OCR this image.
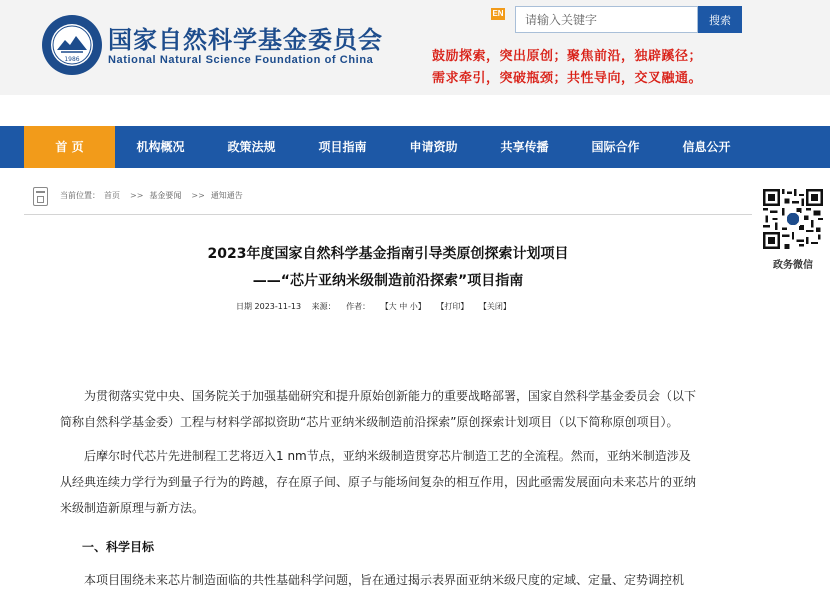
1986
国家自然科学基金委员会
National Natural Science Foundation of China
EN
请输入关键字	搜索
鼓励探索，突出原创；聚焦前沿，独辟蹊径；
需求牵引，突破瓶颈；共性导向，交叉融通。
首 页	机构概况	政策法规	项目指南	申请资助	共享传播	国际合作	信息公开
当前位置： 首页 >> 基金要闻 >> 通知通告
政务微信
2023年度国家自然科学基金指南引导类原创探索计划项目
——“芯片亚纳米级制造前沿探索”项目指南
日期 2023-11-13 来源： 作者： 【大 中 小】 【打印】 【关闭】
为贯彻落实党中央、国务院关于加强基础研究和提升原始创新能力的重要战略部署，国家自然科学基金委员会（以下
简称自然科学基金委）工程与材料学部拟资助“芯片亚纳米级制造前沿探索”原创探索计划项目（以下简称原创项目）。
后摩尔时代芯片先进制程工艺将迈入1 nm节点，亚纳米级制造贯穿芯片制造工艺的全流程。然而，亚纳米制造涉及
从经典连续力学行为到量子行为的跨越，存在原子间、原子与能场间复杂的相互作用，因此亟需发展面向未来芯片的亚纳
米级制造新原理与新方法。
一、科学目标
本项目围绕未来芯片制造面临的共性基础科学问题，旨在通过揭示表界面亚纳米级尺度的定域、定量、定势调控机
